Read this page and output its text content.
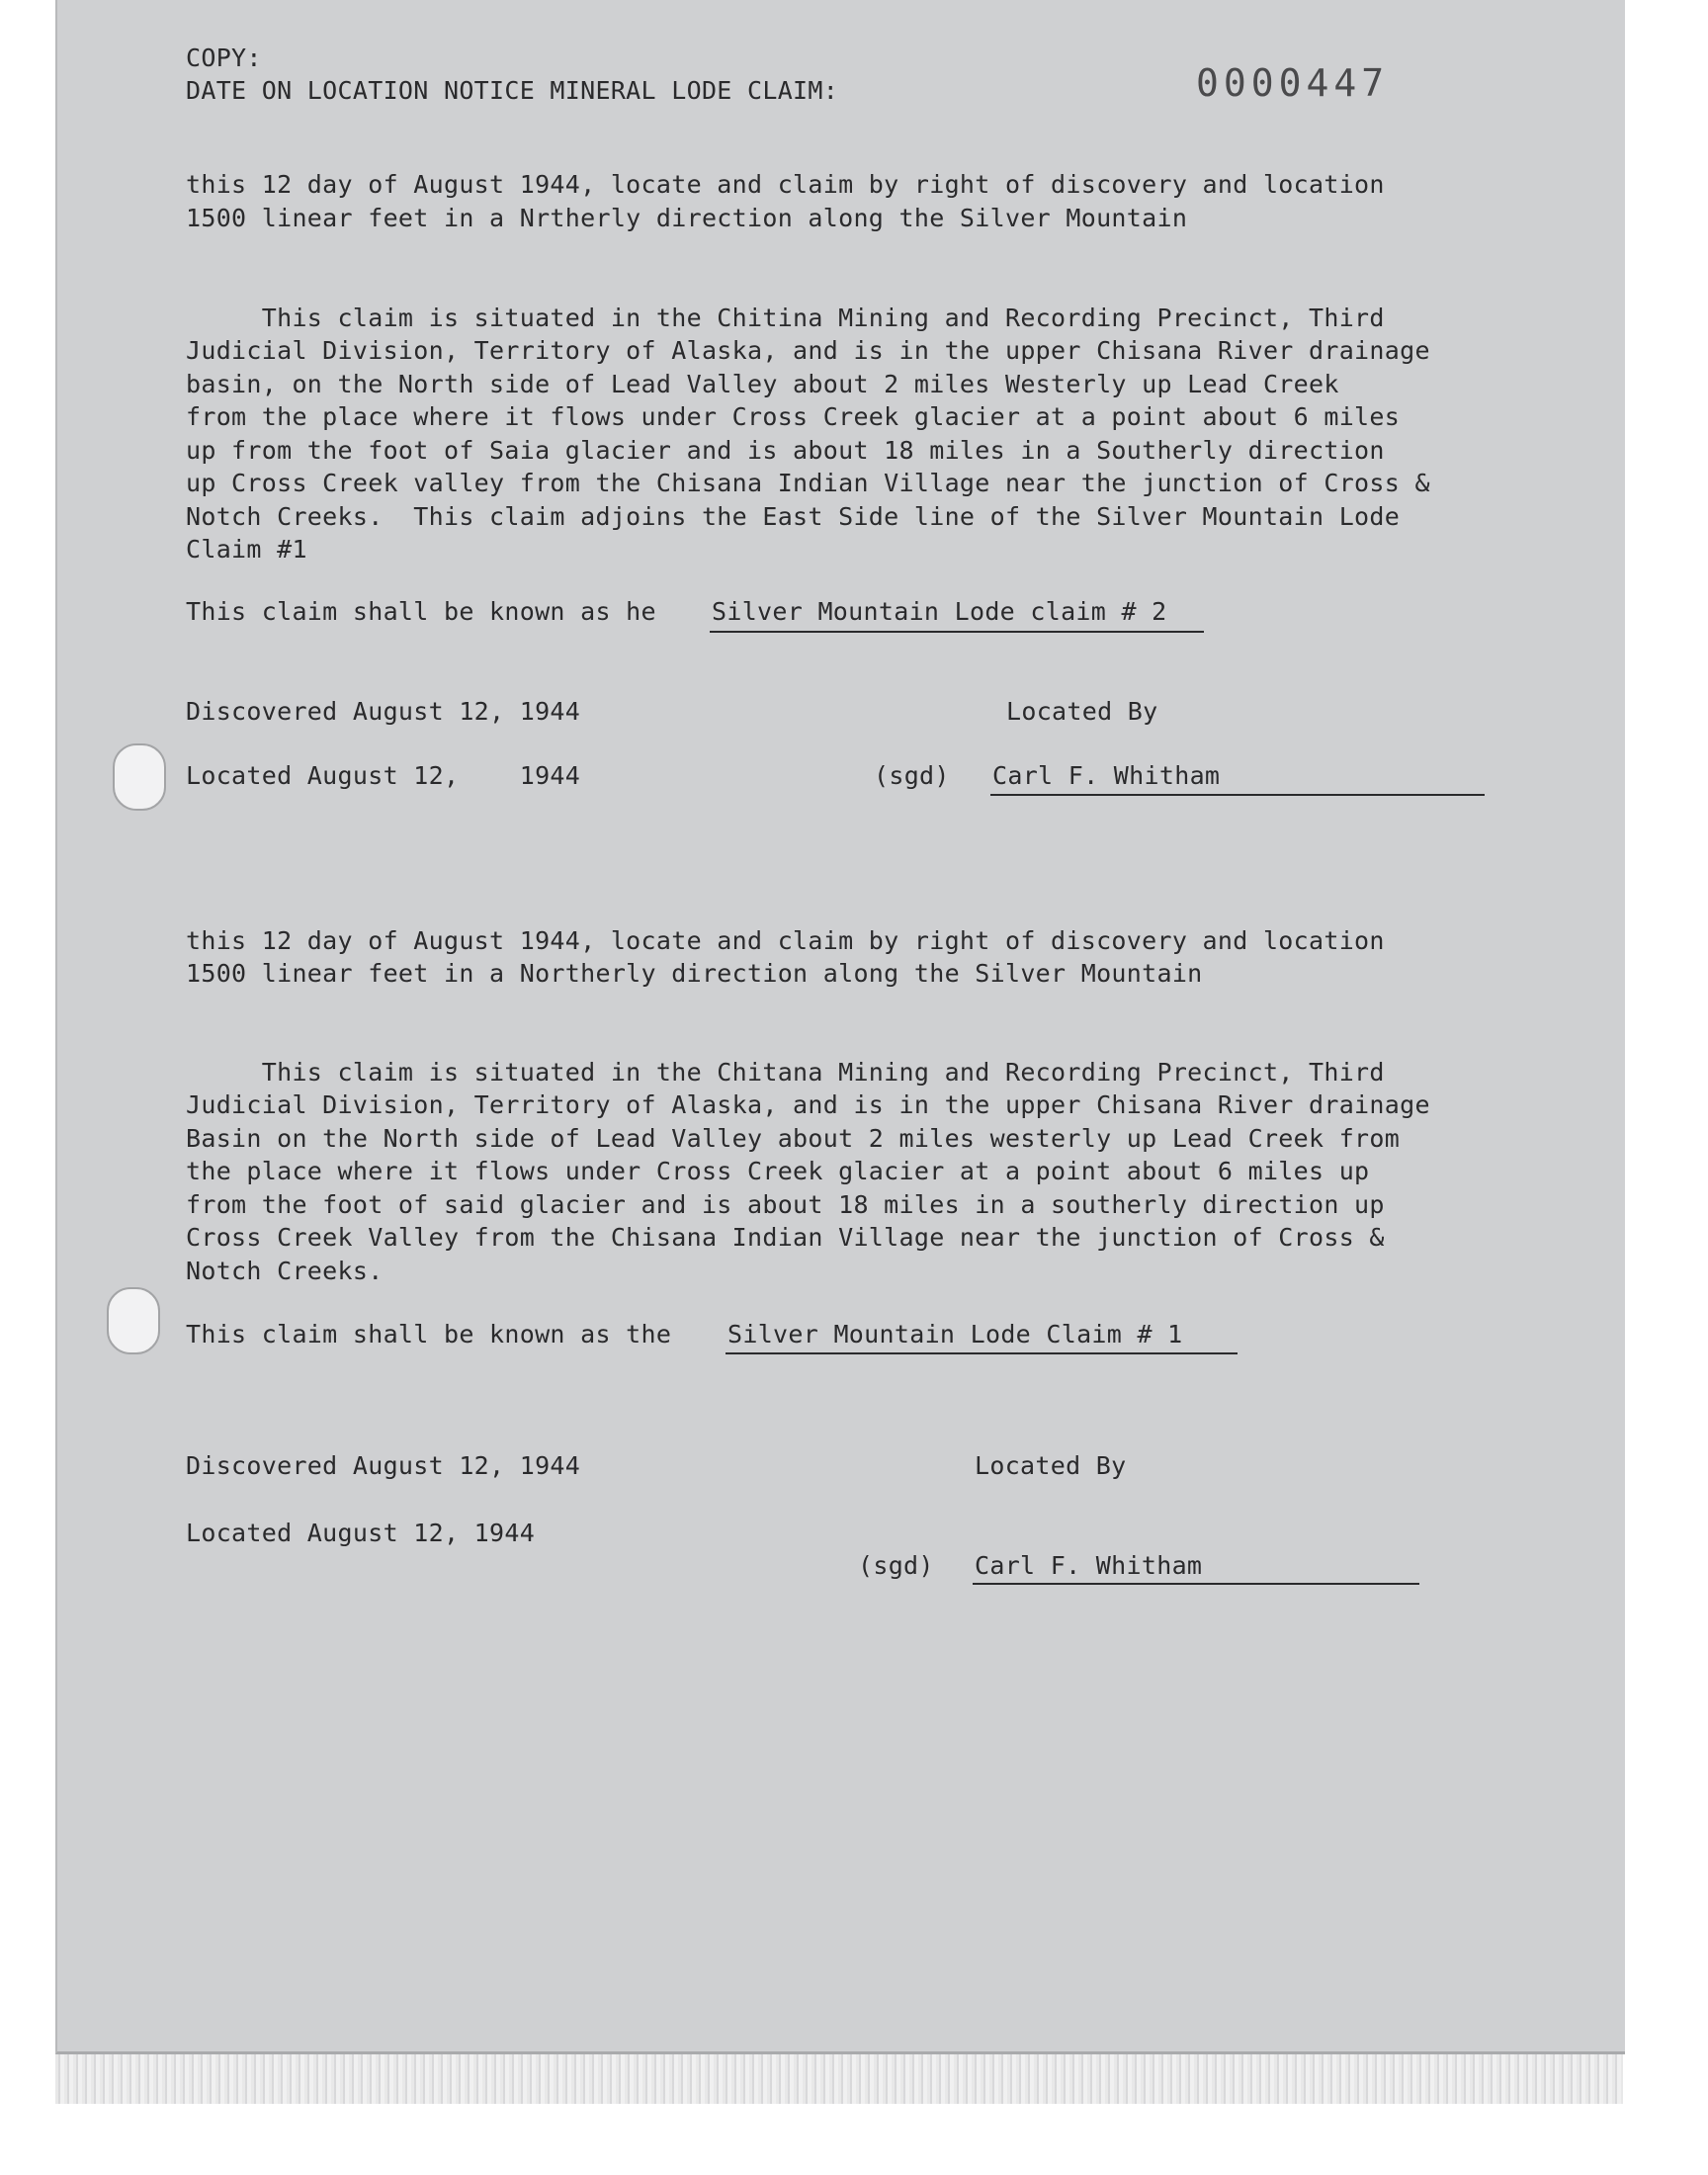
COPY:
DATE ON LOCATION NOTICE MINERAL LODE CLAIM:	0000447
this 12 day of August 1944, locate and claim by right of discovery and location
1500 linear feet in a Nrtherly direction along the Silver Mountain
This claim is situated in the Chitina Mining and Recording Precinct, Third
Judicial Division, Territory of Alaska, and is in the upper Chisana River drainage
basin, on the North side of Lead Valley about 2 miles Westerly up Lead Creek
from the place where it flows under Cross Creek glacier at a point about 6 miles
up from the foot of Saia glacier and is about 18 miles in a Southerly direction
up Cross Creek valley from the Chisana Indian Village near the junction of Cross &
Notch Creeks.  This claim adjoins the East Side line of the Silver Mountain Lode
Claim #1
This claim shall be known as he Silver Mountain Lode claim # 2
Discovered August 12, 1944	Located By
Located August 12,    1944	(sgd) Carl F. Whitham
this 12 day of August 1944, locate and claim by right of discovery and location
1500 linear feet in a Northerly direction along the Silver Mountain
This claim is situated in the Chitana Mining and Recording Precinct, Third
Judicial Division, Territory of Alaska, and is in the upper Chisana River drainage
Basin on the North side of Lead Valley about 2 miles westerly up Lead Creek from
the place where it flows under Cross Creek glacier at a point about 6 miles up
from the foot of said glacier and is about 18 miles in a southerly direction up
Cross Creek Valley from the Chisana Indian Village near the junction of Cross &
Notch Creeks.
This claim shall be known as the Silver Mountain Lode Claim # 1
Discovered August 12, 1944	Located By
Located August 12, 1944
(sgd) Carl F. Whitham
